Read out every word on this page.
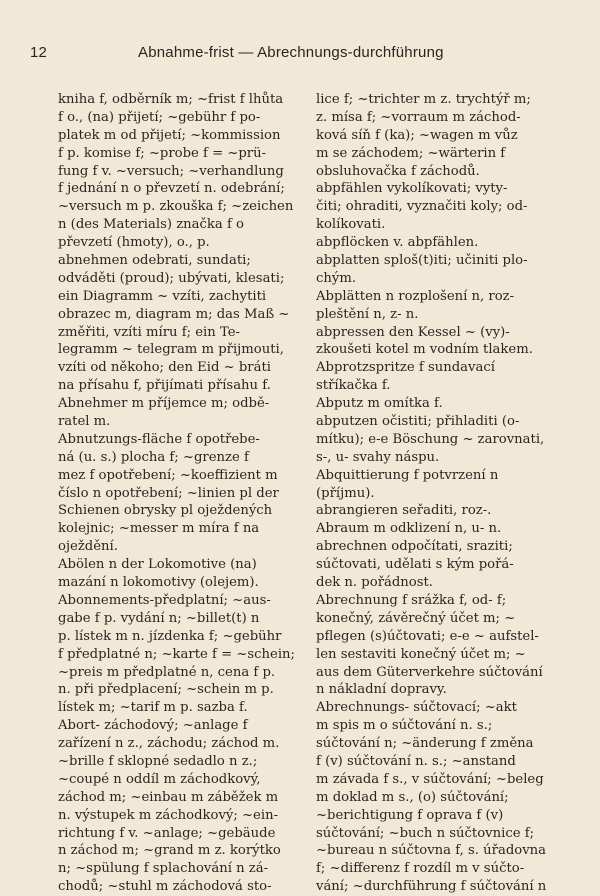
12	Abnahme-frist — Abrechnungs-durchführung
kniha f, odběrník m; ~frist f lhůta
f o., (na) přijetí; ~gebühr f po-
platek m od přijetí; ~kommission
f p. komise f; ~probe f = ~prü-
fung f v. ~versuch; ~verhandlung
f jednání n o převzetí n. odebrání;
~versuch m p. zkouška f; ~zeichen
n (des Materials) značka f o
převzetí (hmoty), o., p.
abnehmen odebrati, sundati;
odváděti (proud); ubývati, klesati;
ein Diagramm ~ vzíti, zachytiti
obrazec m, diagram m; das Maß ~
změřiti, vzíti míru f; ein Te-
legramm ~ telegram m přijmouti,
vzíti od někoho; den Eid ~ bráti
na přísahu f, přijímati přísahu f.
Abnehmer m příjemce m; odbě-
ratel m.
Abnutzungs-fläche f opotřebe-
ná (u. s.) plocha f; ~grenze f
mez f opotřebení; ~koeffizient m
číslo n opotřebení; ~linien pl der
Schienen obrysky pl oježdených
kolejnic; ~messer m míra f na
oježdění.
Abölen n der Lokomotive (na)
mazání n lokomotivy (olejem).
Abonnements-předplatní; ~aus-
gabe f p. vydání n; ~billet(t) n
p. lístek m n. jízdenka f; ~gebühr
f předplatné n; ~karte f = ~schein;
~preis m předplatné n, cena f p.
n. při předplacení; ~schein m p.
lístek m; ~tarif m p. sazba f.
Abort- záchodový; ~anlage f
zařízení n z., záchodu; záchod m.
~brille f sklopné sedadlo n z.;
~coupé n oddíl m záchodkový,
záchod m; ~einbau m záběžek m
n. výstupek m záchodkový; ~ein-
richtung f v. ~anlage; ~gebäude
n záchod m; ~grand m z. korýtko
n; ~spülung f splachování n zá-
chodů; ~stuhl m záchodová sto-
lice f; ~trichter m z. trychtýř m;
z. mísa f; ~vorraum m záchod-
ková síň f (ka); ~wagen m vůz
m se záchodem; ~wärterin f
obsluhovačka f záchodů.
abpfählen vykolíkovati; vyty-
čiti; ohraditi, vyznačiti koly; od-
kolíkovati.
abpflöcken v. abpfählen.
abplatten sploš(t)iti; učiniti plo-
chým.
Abplätten n rozplošení n, roz-
pleštění n, z- n.
abpressen den Kessel ~ (vy)-
zkoušeti kotel m vodním tlakem.
Abprotzspritze f sundavací
stříkačka f.
Abputz m omítka f.
abputzen očistiti; přihladiti (o-
mítku); e-e Böschung ~ zarovnati,
s-, u- svahy náspu.
Abquittierung f potvrzení n
(příjmu).
abrangieren seřaditi, roz-.
Abraum m odklizení n, u- n.
abrechnen odpočítati, sraziti;
súčtovati, udělati s kým pořá-
dek n. pořádnost.
Abrechnung f srážka f, od- f;
konečný, závěrečný účet m; ~
pflegen (s)účtovati; e-e ~ aufstel-
len sestaviti konečný účet m; ~
aus dem Güterverkehre súčtování
n nákladní dopravy.
Abrechnungs- súčtovací; ~akt
m spis m o súčtování n. s.;
súčtování n; ~änderung f změna
f (v) súčtování n. s.; ~anstand
m závada f s., v súčtování; ~beleg
m doklad m s., (o) súčtování;
~berichtigung f oprava f (v)
súčtování; ~buch n súčtovnice f;
~bureau n súčtovna f, s. úřadovna
f; ~differenz f rozdíl m v súčto-
vání; ~durchführung f súčtování n
